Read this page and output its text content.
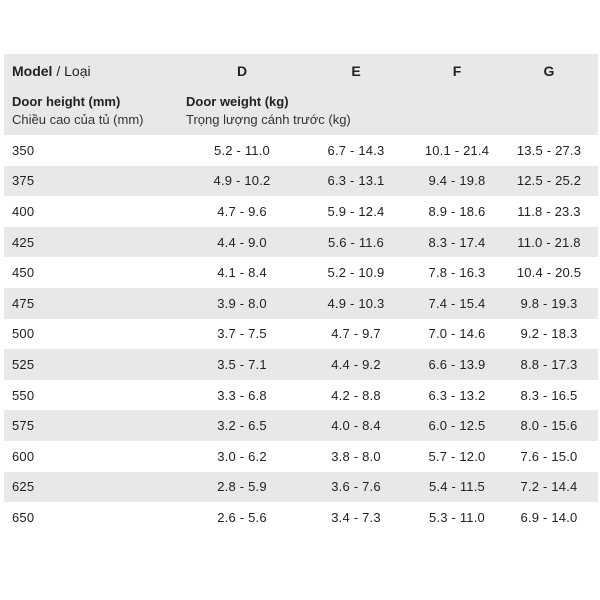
Model / Loại	D	E	F	G
Door height (mm)
Chiều cao của tủ (mm)
Door weight (kg)
Trọng lượng cánh trước (kg)
350	5.2 - 11.0	6.7 - 14.3	10.1 - 21.4	13.5 - 27.3
375	4.9 - 10.2	6.3 - 13.1	9.4 - 19.8	12.5 - 25.2
400	4.7 - 9.6	5.9 - 12.4	8.9 - 18.6	11.8 - 23.3
425	4.4 - 9.0	5.6 - 11.6	8.3 - 17.4	11.0 - 21.8
450	4.1 - 8.4	5.2 - 10.9	7.8 - 16.3	10.4 - 20.5
475	3.9 - 8.0	4.9 - 10.3	7.4 - 15.4	9.8 - 19.3
500	3.7 - 7.5	4.7 - 9.7	7.0 - 14.6	9.2 - 18.3
525	3.5 - 7.1	4.4 - 9.2	6.6 - 13.9	8.8 - 17.3
550	3.3 - 6.8	4.2 - 8.8	6.3 - 13.2	8.3 - 16.5
575	3.2 - 6.5	4.0 - 8.4	6.0 - 12.5	8.0 - 15.6
600	3.0 - 6.2	3.8 - 8.0	5.7 - 12.0	7.6 - 15.0
625	2.8 - 5.9	3.6 - 7.6	5.4 - 11.5	7.2 - 14.4
650	2.6 - 5.6	3.4 - 7.3	5.3 - 11.0	6.9 - 14.0
